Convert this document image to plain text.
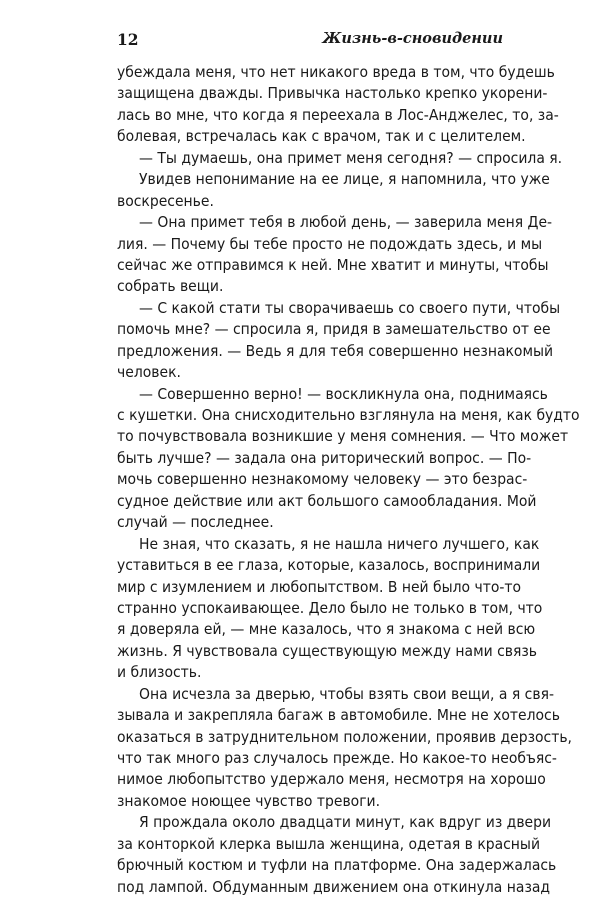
12	Жизнь-в-сновидении
убеждала меня, что нет никакого вреда в том, что будешь
защищена дважды. Привычка настолько крепко укорени-
лась во мне, что когда я переехала в Лос-Анджелес, то, за-
болевая, встречалась как с врачом, так и с целителем.
— Ты думаешь, она примет меня сегодня? — спросила я.
Увидев непонимание на ее лице, я напомнила, что уже
воскресенье.
— Она примет тебя в любой день, — заверила меня Де-
лия. — Почему бы тебе просто не подождать здесь, и мы
сейчас же отправимся к ней. Мне хватит и минуты, чтобы
собрать вещи.
— С какой стати ты сворачиваешь со своего пути, чтобы
помочь мне? — спросила я, придя в замешательство от ее
предложения. — Ведь я для тебя совершенно незнакомый
человек.
— Совершенно верно! — воскликнула она, поднимаясь
с кушетки. Она снисходительно взглянула на меня, как будто
то почувствовала возникшие у меня сомнения. — Что может
быть лучше? — задала она риторический вопрос. — По-
мочь совершенно незнакомому человеку — это безрас-
судное действие или акт большого самообладания. Мой
случай — последнее.
Не зная, что сказать, я не нашла ничего лучшего, как
уставиться в ее глаза, которые, казалось, воспринимали
мир с изумлением и любопытством. В ней было что-то
странно успокаивающее. Дело было не только в том, что
я доверяла ей, — мне казалось, что я знакома с ней всю
жизнь. Я чувствовала существующую между нами связь
и близость.
Она исчезла за дверью, чтобы взять свои вещи, а я свя-
зывала и закрепляла багаж в автомобиле. Мне не хотелось
оказаться в затруднительном положении, проявив дерзость,
что так много раз случалось прежде. Но какое-то необъяс-
нимое любопытство удержало меня, несмотря на хорошо
знакомое ноющее чувство тревоги.
Я прождала около двадцати минут, как вдруг из двери
за конторкой клерка вышла женщина, одетая в красный
брючный костюм и туфли на платформе. Она задержалась
под лампой. Обдуманным движением она откинула назад
